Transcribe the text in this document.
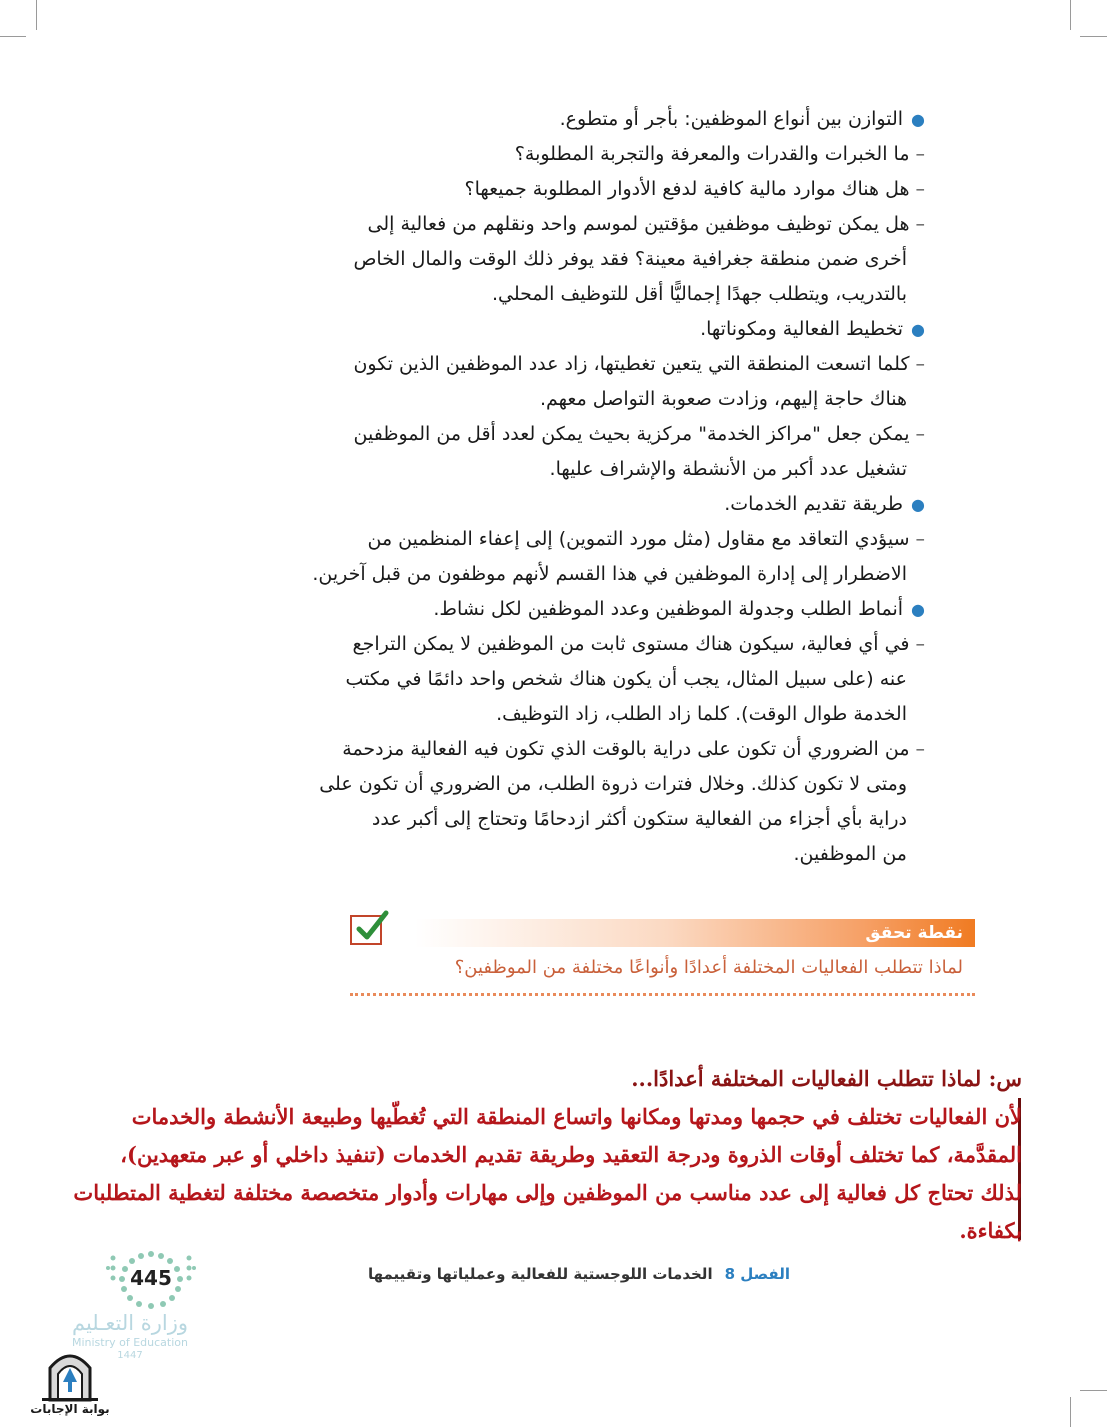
●التوازن بين أنواع الموظفين: بأجر أو متطوع.
–ما الخبرات والقدرات والمعرفة والتجربة المطلوبة؟
–هل هناك موارد مالية كافية لدفع الأدوار المطلوبة جميعها؟
–هل يمكن توظيف موظفين مؤقتين لموسم واحد ونقلهم من فعالية إلى
أخرى ضمن منطقة جغرافية معينة؟ فقد يوفر ذلك الوقت والمال الخاص
بالتدريب، ويتطلب جهدًا إجماليًّا أقل للتوظيف المحلي.
●تخطيط الفعالية ومكوناتها.
–كلما اتسعت المنطقة التي يتعين تغطيتها، زاد عدد الموظفين الذين تكون
هناك حاجة إليهم، وزادت صعوبة التواصل معهم.
–يمكن جعل "مراكز الخدمة" مركزية بحيث يمكن لعدد أقل من الموظفين
تشغيل عدد أكبر من الأنشطة والإشراف عليها.
●طريقة تقديم الخدمات.
–سيؤدي التعاقد مع مقاول (مثل مورد التموين) إلى إعفاء المنظمين من
الاضطرار إلى إدارة الموظفين في هذا القسم لأنهم موظفون من قبل آخرين.
●أنماط الطلب وجدولة الموظفين وعدد الموظفين لكل نشاط.
–في أي فعالية، سيكون هناك مستوى ثابت من الموظفين لا يمكن التراجع
عنه (على سبيل المثال، يجب أن يكون هناك شخص واحد دائمًا في مكتب
الخدمة طوال الوقت). كلما زاد الطلب، زاد التوظيف.
–من الضروري أن تكون على دراية بالوقت الذي تكون فيه الفعالية مزدحمة
ومتى لا تكون كذلك. وخلال فترات ذروة الطلب، من الضروري أن تكون على
دراية بأي أجزاء من الفعالية ستكون أكثر ازدحامًا وتحتاج إلى أكبر عدد
من الموظفين.
نقطة تحقق
لماذا تتطلب الفعاليات المختلفة أعدادًا وأنواعًا مختلفة من الموظفين؟
س: لماذا تتطلب الفعاليات المختلفة أعدادًا...
لأن الفعاليات تختلف في حجمها ومدتها ومكانها واتساع المنطقة التي تُغطّيها وطبيعة الأنشطة والخدمات
المقدَّمة، كما تختلف أوقات الذروة ودرجة التعقيد وطريقة تقديم الخدمات (تنفيذ داخلي أو عبر متعهدين)،
لذلك تحتاج كل فعالية إلى عدد مناسب من الموظفين وإلى مهارات وأدوار متخصصة مختلفة لتغطية المتطلبات
بكفاءة.
الفصل 8الخدمات اللوجستية للفعالية وعملياتها وتقييمها
445
وزارة التعـليم
Ministry of Education
1447
بوابة الإجابات
